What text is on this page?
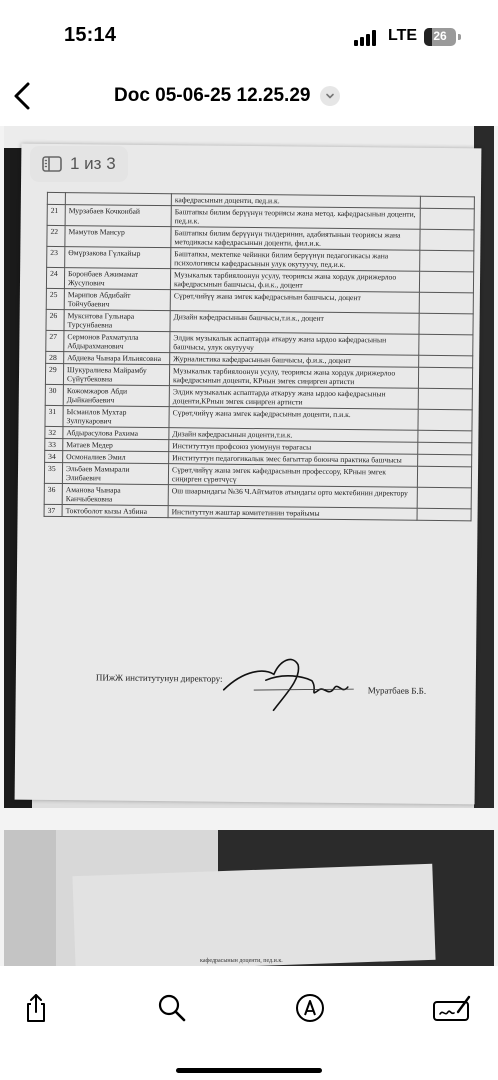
15:14	LTE	26
Doc 05-06-25 12.25.29
		кафедрасынын доценти, пед.и.к.	
21	Мурзабаев Кочконбай	Баштапкы билим берүүнүн теориясы жана метод. кафедрасынын доценти, пед.и.к.	
22	Мамутов Мансур	Баштапкы билим берүүнүн тилдеринин, адабиятынын теориясы жана методикасы кафедрасынын доценти, фил.и.к.	
23	Өмүрзакова Гүлкайыр	Баштапкы, мектепке чейинки билим берүүнүн педагогикасы жана психологиясы кафедрасынын улук окутуучу, пед.и.к.	
24	Боронбаев Ажимамат Жусупович	Музыкалык тарбиялоонун усулу, теориясы жана хордук дирижерлоо кафедрасынын башчысы, ф.и.к., доцент	
25	Марипов Абдибайт Тойчубаевич	Сүрөт,чийүү жана эмгек кафедрасынын башчысы, доцент	
26	Мукситова Гульнара Турсунбаевна	Дизайн кафедрасынын башчысы,т.и.к., доцент	
27	Сермонов Рахматулла Абдырахманович	Элдик музыкалык аспаптарда аткаруу жана ырдоо кафедрасынын башчысы, улук окутуучу	
28	Абдиева Чынара Ильиясовна	Журналистика кафедрасынын башчысы, ф.и.к., доцент	
29	Шукуралиева Майрамбу Сүйүтбековна	Музыкалык тарбиялоонун усулу, теориясы жана хордук дирижерлоо кафедрасынын доценти, КРнын эмгек сиңирген артисти	
30	Кожомжаров Абди Дыйканбаевич	Элдик музыкалык аспаптарда аткаруу жана ырдоо кафедрасынын доценти,КРнын эмгек сиңирген артисти	
31	Ысмаилов Мухтар Зулпукарович	Сүрөт,чийүү жана эмгек кафедрасынын доценти, п.и.к.	
32	Абдырасулова Рахима	Дизайн кафедрасынын доценти,т.и.к.	
33	Матаев Медер	Институттун профсоюз уюмунун төрагасы	
34	Осмоналиев Эмил	Институттун педагогикалык эмес багыттар боюнча практика башчысы	
35	Эльбаев Мамырали Элибаевич	Сүрөт,чийүү жана эмгек кафедрасынын профессору, КРнын эмгек сиңирген сүрөтчүсү	
36	Аманова Чынара Канчыбековна	Ош шаарындагы №36 Ч.Айтматов атындагы орто мектебинин директору	
37	Токтоболот кызы Азбина	Институттун жаштар комитетинин төрайымы	
ПИжЖ институтунун директору:
Муратбаев Б.Б.
1 из 3
кафедрасынын доценти, пед.и.к.
